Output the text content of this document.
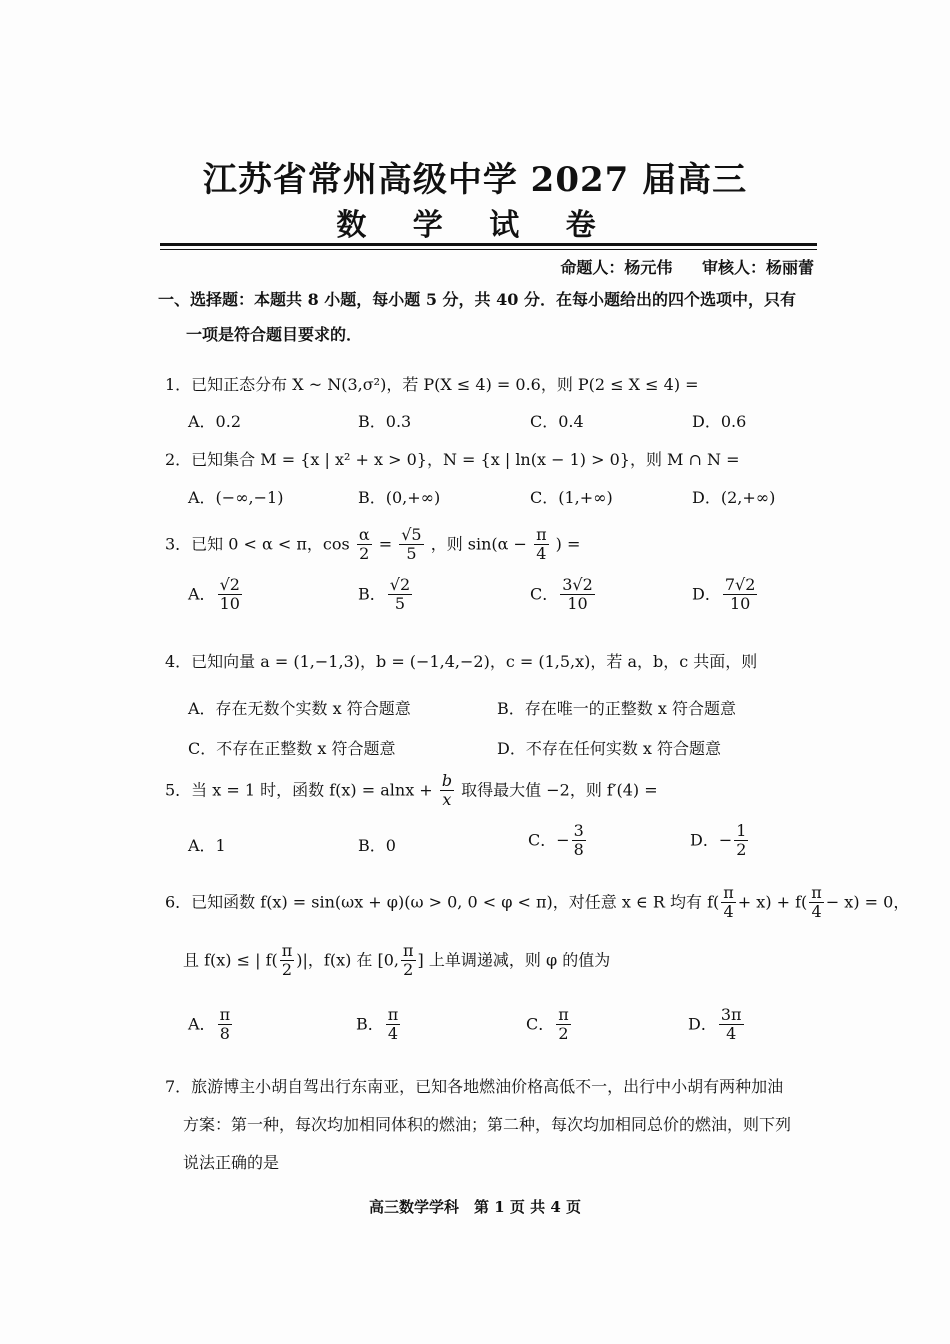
江苏省常州高级中学 2027 届高三
数 学 试 卷
命题人：杨元伟 审核人：杨丽蕾
一、选择题：本题共 8 小题，每小题 5 分，共 40 分．在每小题给出的四个选项中，只有
一项是符合题目要求的．
1．已知正态分布 X ~ N(3,σ²)，若 P(X ≤ 4) = 0.6，则 P(2 ≤ X ≤ 4) =
A．0.2	B．0.3	C．0.4	D．0.6
2．已知集合 M = {x | x² + x > 0}，N = {x | ln(x − 1) > 0}，则 M ∩ N =
A．(−∞,−1)	B．(0,+∞)	C．(1,+∞)	D．(2,+∞)
3．已知 0 < α < π，$\cos \frac{\alpha}{2} = \frac{√5}{5}$ ，则 $\sin(\alpha - \frac{\pi}{4}$ ) =
A． $\frac{√2}{10}$	B． $\frac{√2}{5}$	C． $\frac{3√2}{10}$	D． $\frac{7√2}{10}$
4．已知向量 a = (1,−1,3)，b = (−1,4,−2)，c = (1,5,x)，若 a，b，c 共面，则
A．存在无数个实数 x 符合题意	B．存在唯一的正整数 x 符合题意
C．不存在正整数 x 符合题意	D．不存在任何实数 x 符合题意
5．当 x = 1 时，函数 $f(x) = alnx + \frac{b}{x}$ 取得最大值 −2，则 f′(4) =
A．1	B．0	C．− $\frac{3}{8}$	D．− $\frac{1}{2}$
6．已知函数 f(x) = sin(ωx + φ)(ω > 0, 0 < φ < π)，对任意 x ∈ R 均有 $f( \frac{\pi}{4} + x) + f( \frac{\pi}{4} - x) = 0$，
且 f(x) ≤ | $f( \frac{\pi}{2}$ )|，f(x) 在 [0, $\frac{\pi}{2}$ ] 上单调递减，则 φ 的值为
A． $\frac{\pi}{8}$	B． $\frac{\pi}{4}$	C． $\frac{\pi}{2}$	D． $\frac{3\pi}{4}$
7．旅游博主小胡自驾出行东南亚，已知各地燃油价格高低不一，出行中小胡有两种加油
方案：第一种，每次均加相同体积的燃油；第二种，每次均加相同总价的燃油，则下列
说法正确的是
高三数学学科　第 1 页 共 4 页
